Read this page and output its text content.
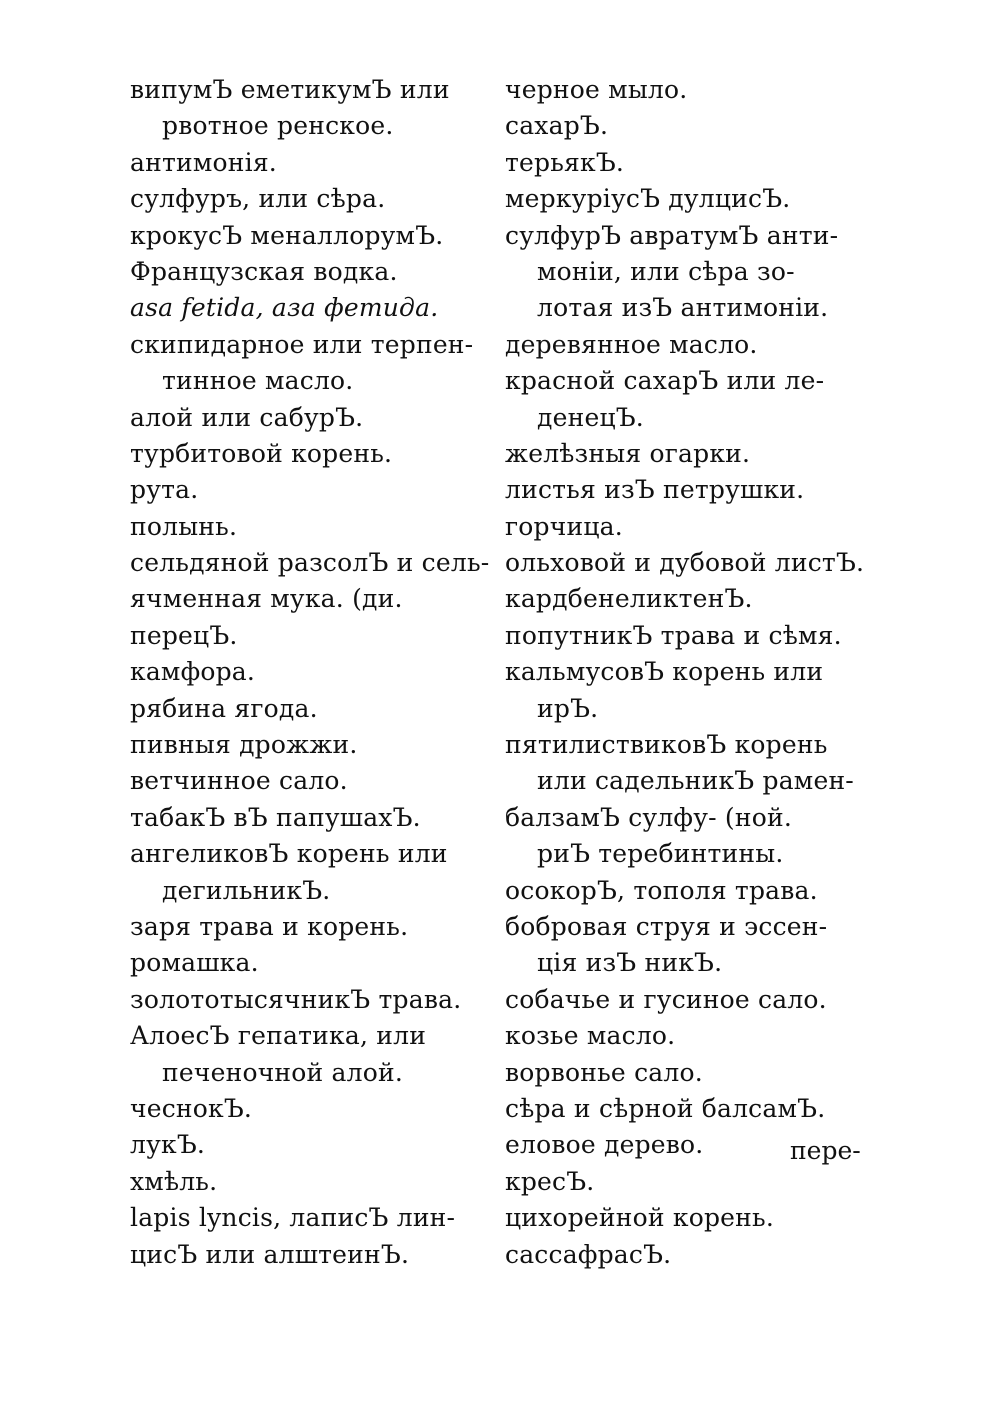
випумЪ еметикумЪ или
рвотное ренское.
антимонія.
сулфуръ, или сѣра.
крокусЪ меналлорумЪ.
Французская водка.
asa fetida, аза фетида.
скипидарное или терпен-
тинное масло.
алой или сабурЪ.
турбитовой корень.
рута.
полынь.
сельдяной разсолЪ и сель-
ячменная мука. (ди.
перецЪ.
камфора.
рябина ягода.
пивныя дрожжи.
ветчинное сало.
табакЪ вЪ папушахЪ.
ангеликовЪ корень или
дегильникЪ.
заря трава и корень.
ромашка.
золототысячникЪ трава.
АлоесЪ гепатика, или
печеночной алой.
чеснокЪ.
лукЪ.
хмѣль.
lapis lyncis, лаписЪ лин-
цисЪ или алштеинЪ.
черное мыло.
сахарЪ.
терьякЪ.
меркуріусЪ дулцисЪ.
сулфурЪ авратумЪ анти-
моніи, или сѣра зо-
лотая изЪ антимоніи.
деревянное масло.
красной сахарЪ или ле-
денецЪ.
желѣзныя огарки.
листья изЪ петрушки.
горчица.
ольховой и дубовой листЪ.
кардбенеликтенЪ.
попутникЪ трава и сѣмя.
кальмусовЪ корень или
ирЪ.
пятилиствиковЪ корень
или садельникЪ рамен-
балзамЪ сулфу- (ной.
риЪ теребинтины.
осокорЪ, тополя трава.
бобровая струя и эссен-
ція изЪ никЪ.
собачье и гусиное сало.
козье масло.
ворвонье сало.
сѣра и сѣрной балсамЪ.
еловое дерево.
кресЪ.
цихорейной корень.
сассафрасЪ.
пере-
